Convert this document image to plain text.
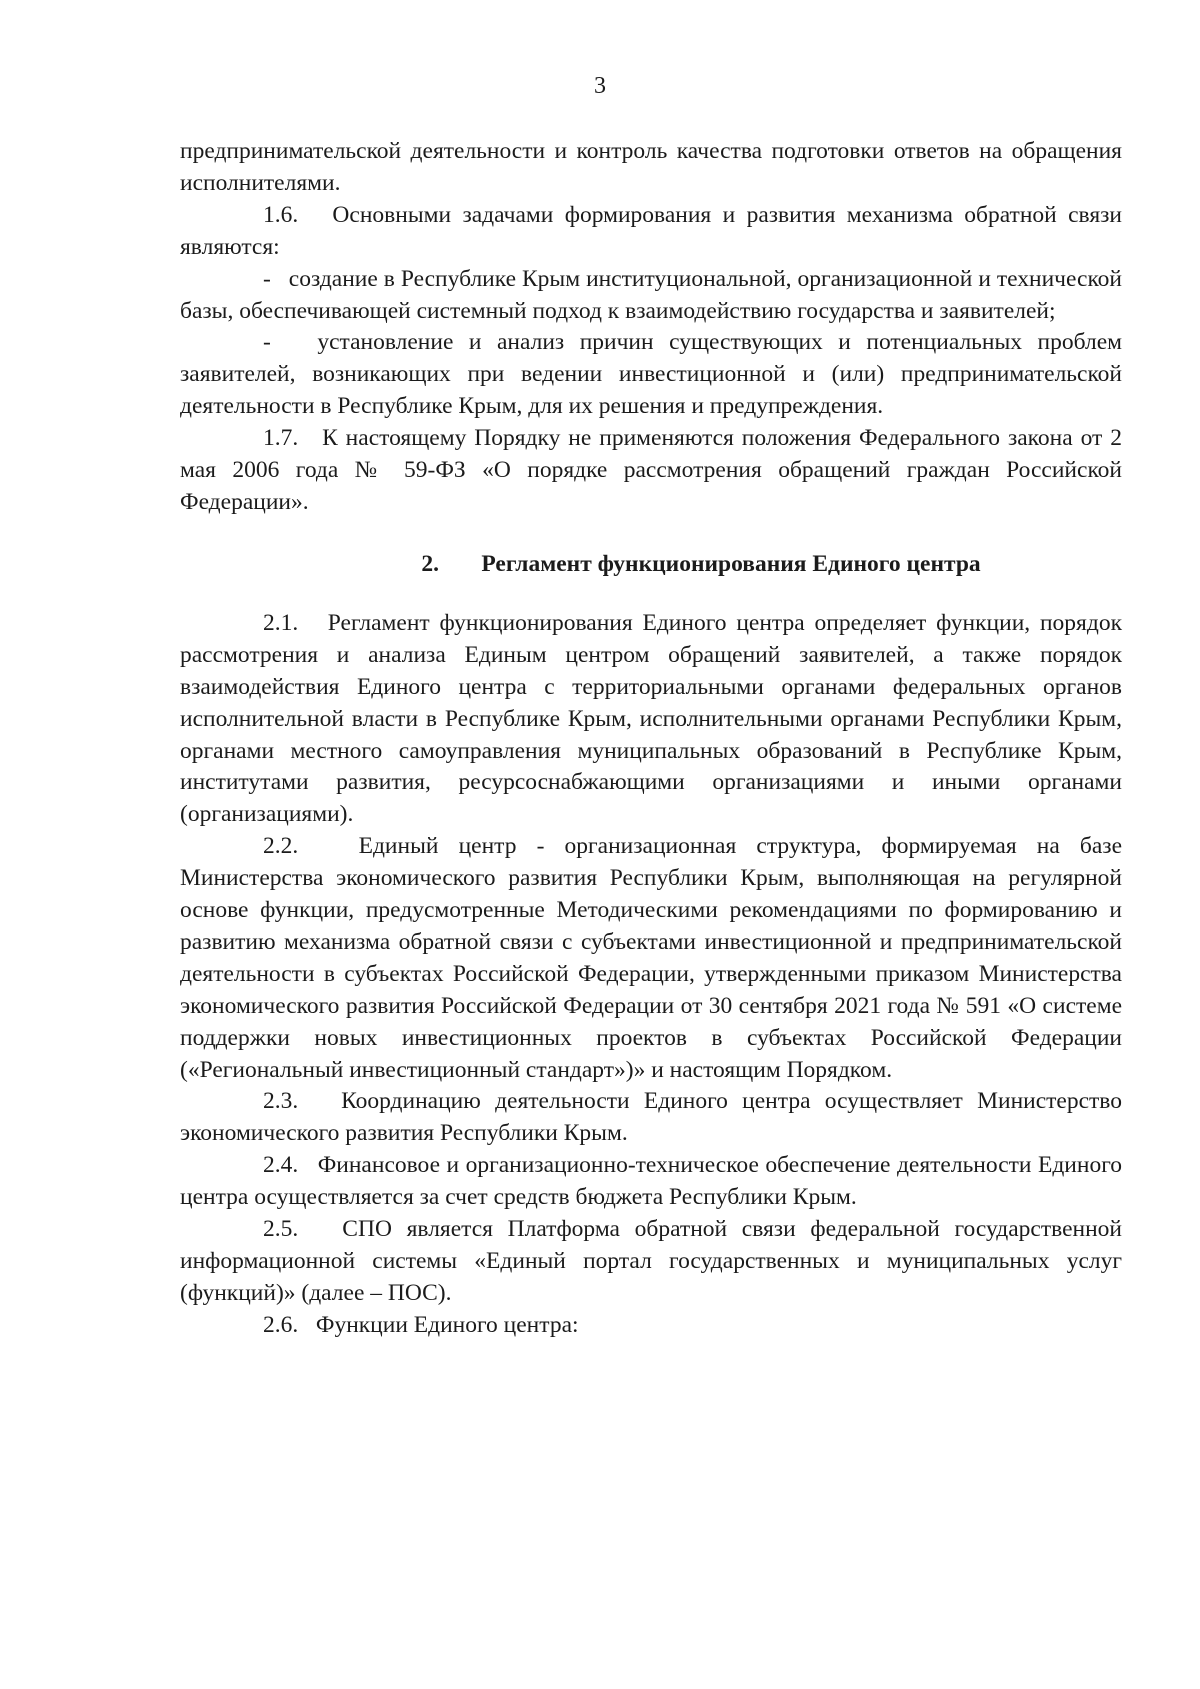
3

предпринимательской деятельности и контроль качества подготовки ответов на обращения исполнителями.

1.6.   Основными задачами формирования и развития механизма обратной связи являются:

-   создание в Республике Крым институциональной, организационной и технической базы, обеспечивающей системный подход к взаимодействию государства и заявителей;

-   установление и анализ причин существующих и потенциальных проблем заявителей, возникающих при ведении инвестиционной и (или) предпринимательской деятельности в Республике Крым, для их решения и предупреждения.

1.7.   К настоящему Порядку не применяются положения Федерального закона от 2 мая 2006 года № 59-ФЗ «О порядке рассмотрения обращений граждан Российской Федерации».

2. Регламент функционирования Единого центра

2.1.   Регламент функционирования Единого центра определяет функции, порядок рассмотрения и анализа Единым центром обращений заявителей, а также порядок взаимодействия Единого центра с территориальными органами федеральных органов исполнительной власти в Республике Крым, исполнительными органами Республики Крым, органами местного самоуправления муниципальных образований в Республике Крым, институтами развития, ресурсоснабжающими организациями и иными органами (организациями).

2.2.   Единый центр - организационная структура, формируемая на базе Министерства экономического развития Республики Крым, выполняющая на регулярной основе функции, предусмотренные Методическими рекомендациями по формированию и развитию механизма обратной связи с субъектами инвестиционной и предпринимательской деятельности в субъектах Российской Федерации, утвержденными приказом Министерства экономического развития Российской Федерации от 30 сентября 2021 года № 591 «О системе поддержки новых инвестиционных проектов в субъектах Российской Федерации («Региональный инвестиционный стандарт»)» и настоящим Порядком.

2.3.   Координацию деятельности Единого центра осуществляет Министерство экономического развития Республики Крым.

2.4.   Финансовое и организационно-техническое обеспечение деятельности Единого центра осуществляется за счет средств бюджета Республики Крым.

2.5.   СПО является Платформа обратной связи федеральной государственной информационной системы «Единый портал государственных и муниципальных услуг (функций)» (далее – ПОС).

2.6.   Функции Единого центра:
